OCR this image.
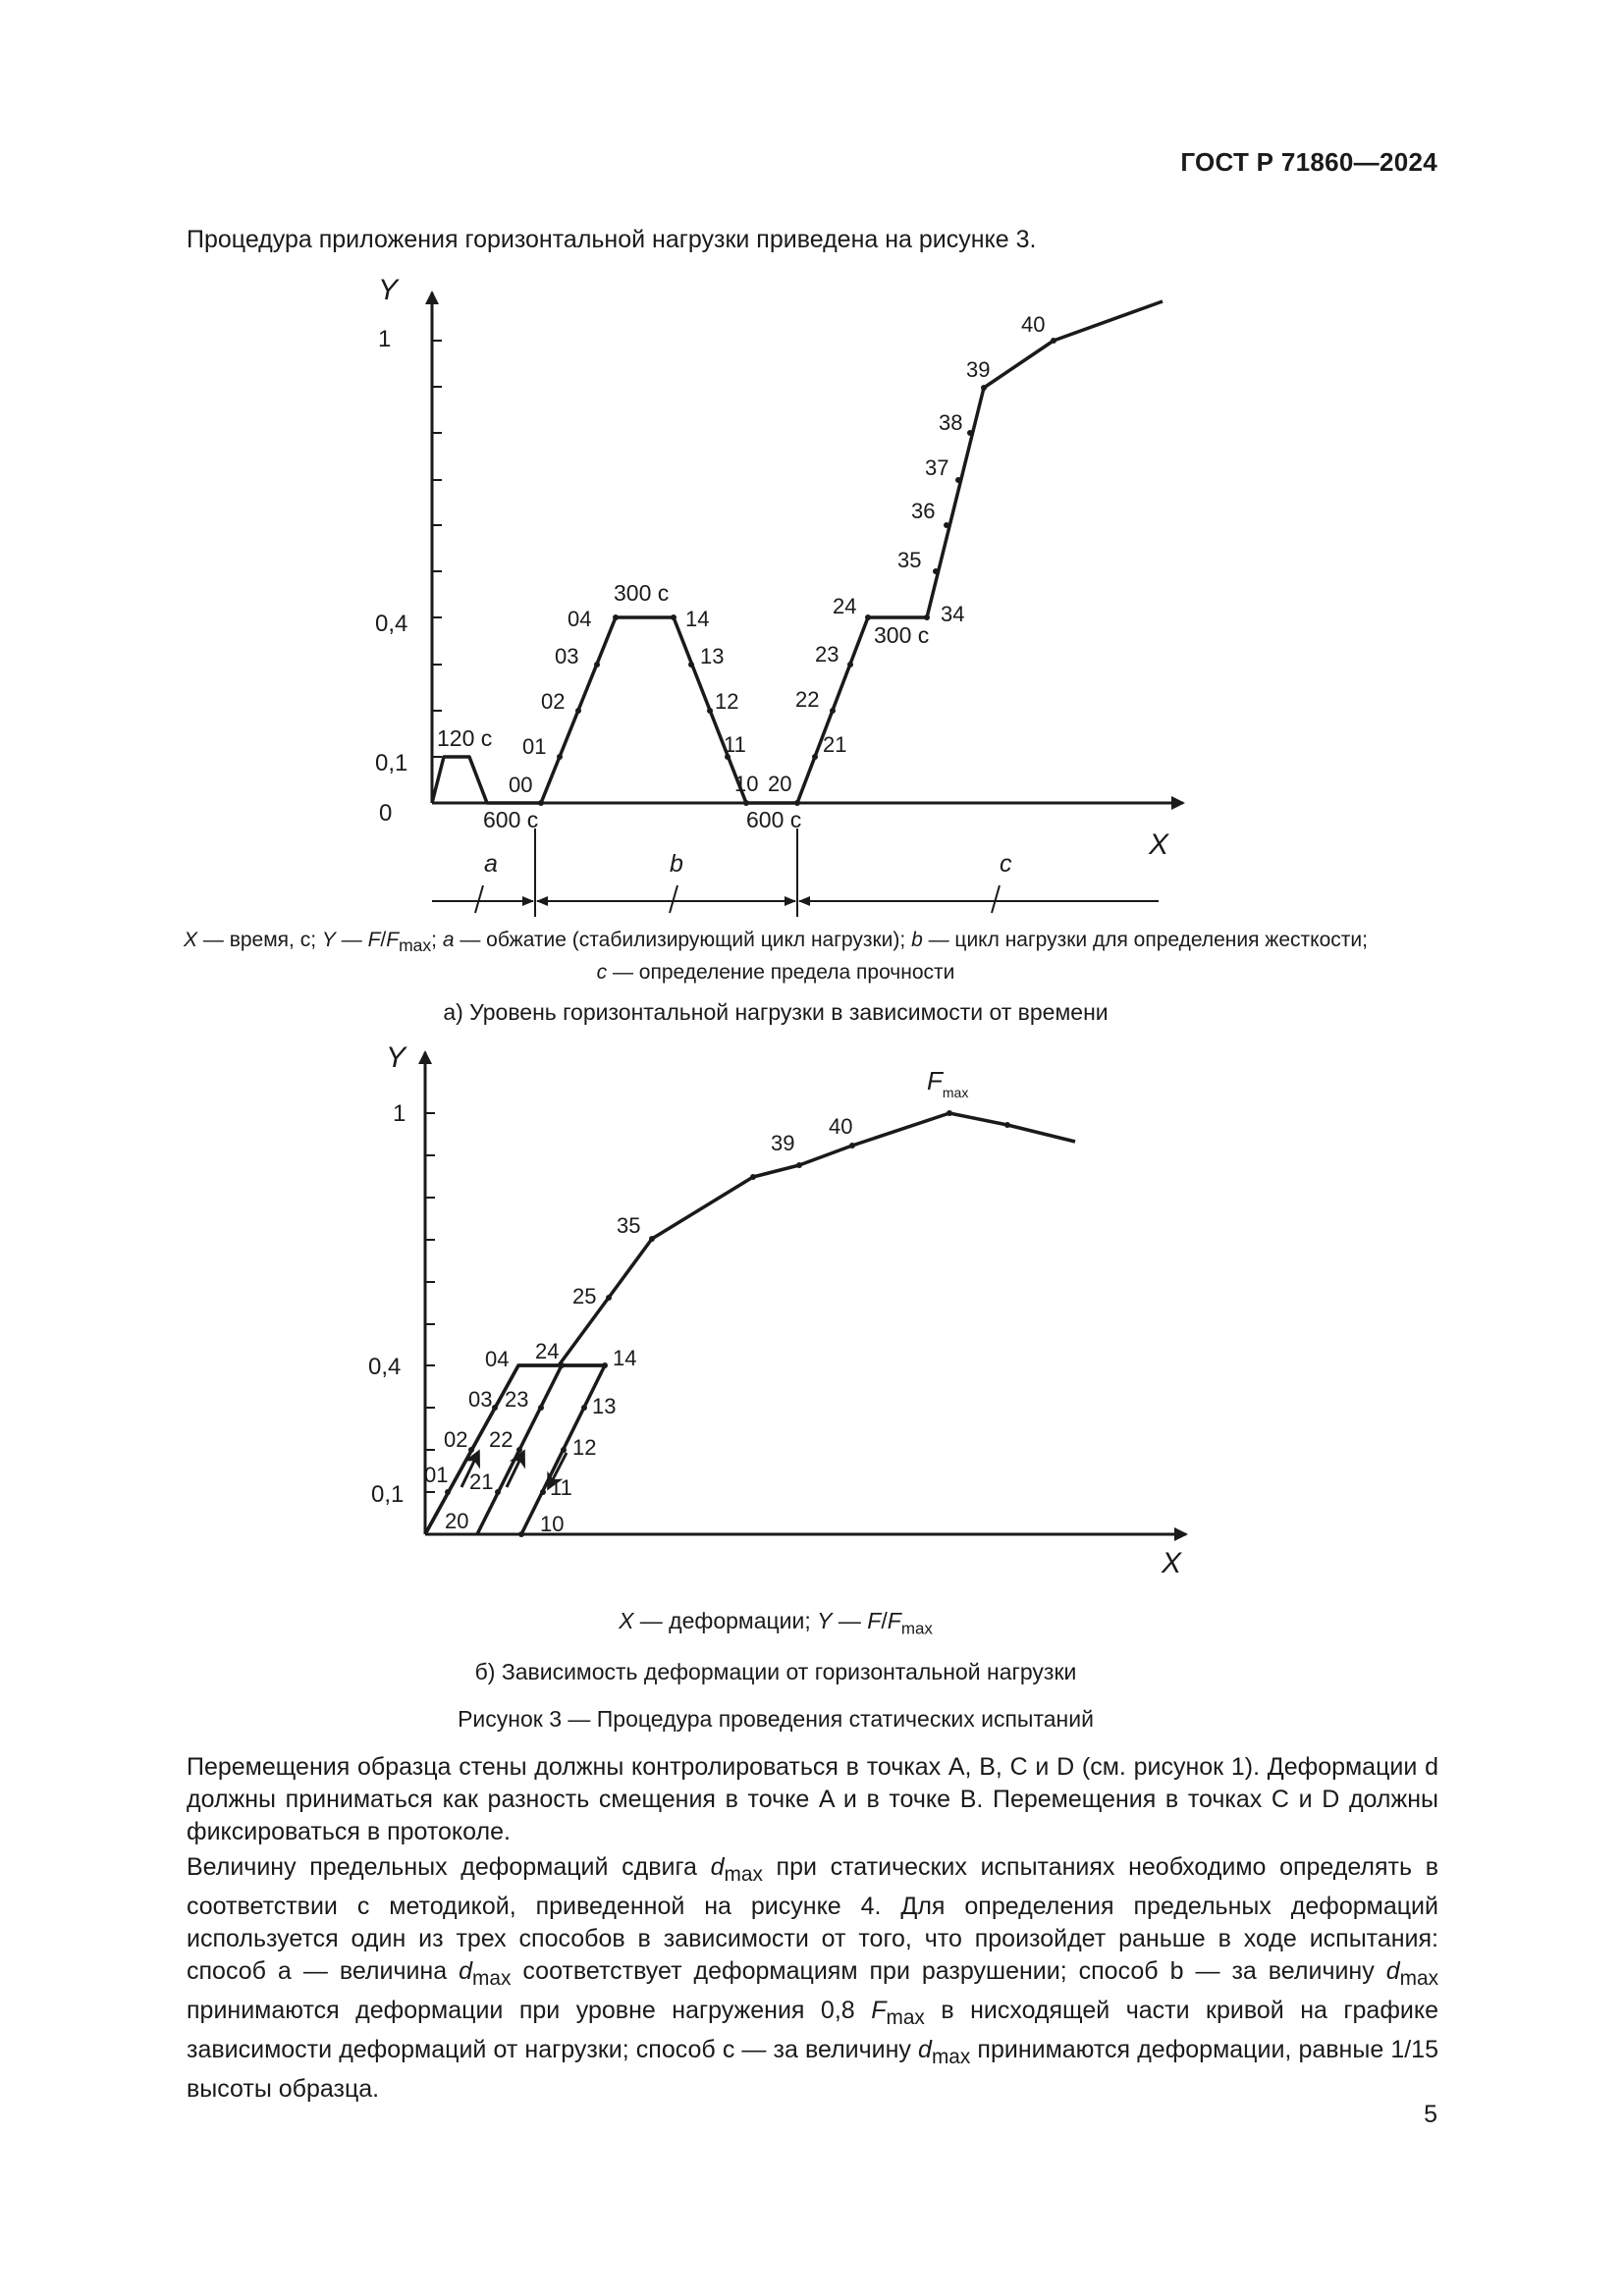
ГОСТ Р 71860—2024
Процедура приложения горизонтальной нагрузки приведена на рисунке 3.
Y
X
1
0,4
0,1
0
120 с
300 с
300 с
600 с	600 с
00
01
02
03
04	14
13
12
11
10 20
21
22
23
24	34
35
36
37
38
39
40
a	b	c
X — время, с; Y — $F/F_{max}$; a — обжатие (стабилизирующий цикл нагрузки); b — цикл нагрузки для определения жесткости;
c — определение предела прочности
а) Уровень горизонтальной нагрузки в зависимости от времени
Y
X
1
0,4
0,1
$F_{max}$
01
02
03
04
20
21
22
23
24
25
35
39
40
14
13
12
11
10
X — деформации; Y — $F/F_{max}$
б) Зависимость деформации от горизонтальной нагрузки
Рисунок 3 — Процедура проведения статических испытаний

Перемещения образца стены должны контролироваться в точках A, B, C и D (см. рисунок 1). Деформации d должны приниматься как разность смещения в точке A и в точке B. Перемещения в точках C и D должны фиксироваться в протоколе.

Величину предельных деформаций сдвига $d_{max}$ при статических испытаниях необходимо определять в соответствии с методикой, приведенной на рисунке 4. Для определения предельных деформаций используется один из трех способов в зависимости от того, что произойдет раньше в ходе испытания: способ a — величина $d_{max}$ соответствует деформациям при разрушении; способ b — за величину $d_{max}$ принимаются деформации при уровне нагружения 0,8 $F_{max}$ в нисходящей части кривой на графике зависимости деформаций от нагрузки; способ c — за величину $d_{max}$ принимаются деформации, равные 1/15 высоты образца.

5
